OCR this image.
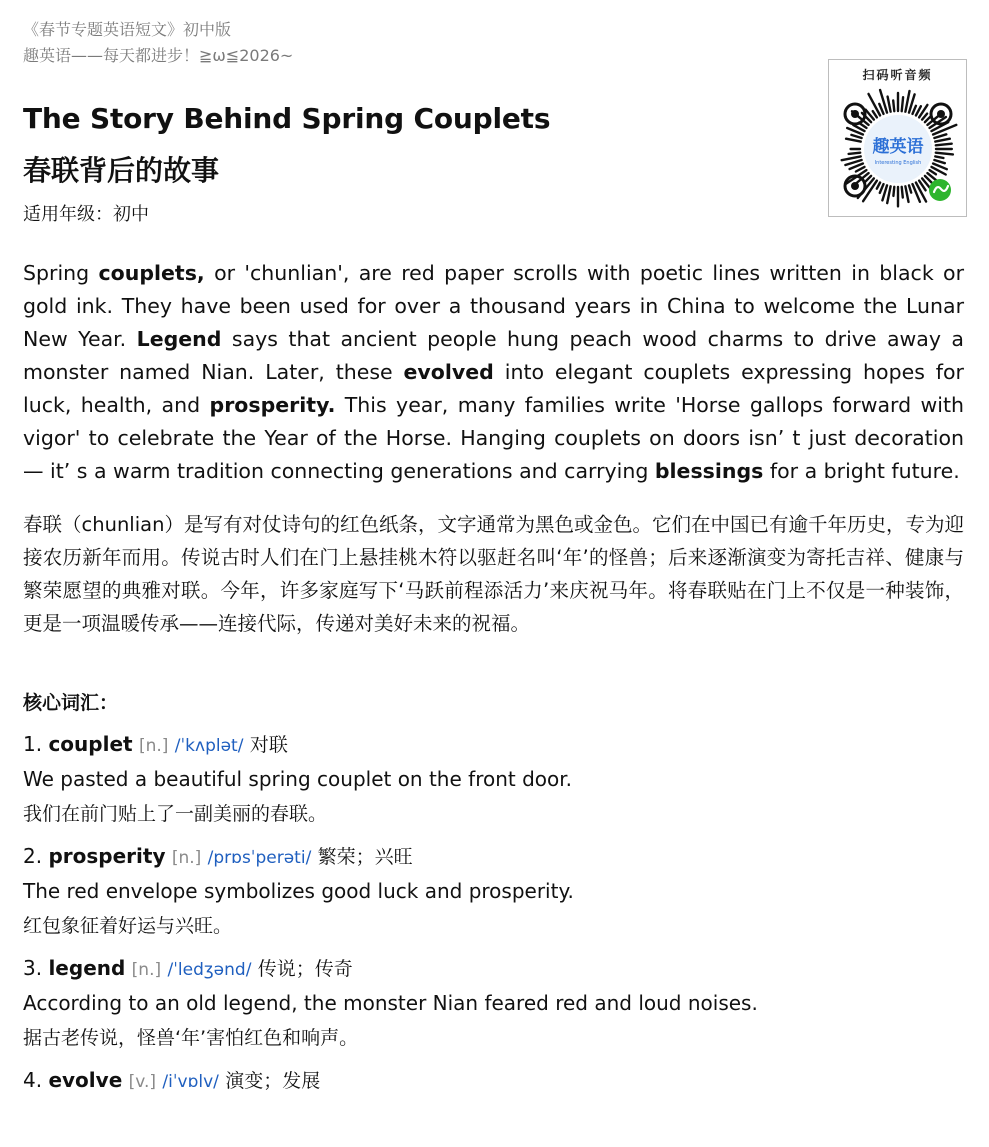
《春节专题英语短文》初中版
趣英语——每天都进步！≧ω≦2026~
The Story Behind Spring Couplets
春联背后的故事
适用年级：初中
Spring couplets, or 'chunlian', are red paper scrolls with poetic lines written in black or gold ink. They have been used for over a thousand years in China to welcome the Lunar New Year. Legend says that ancient people hung peach wood charms to drive away a monster named Nian. Later, these evolved into elegant couplets expressing hopes for luck, health, and prosperity. This year, many families write 'Horse gallops forward with vigor' to celebrate the Year of the Horse. Hanging couplets on doors isn’ t just decoration — it’ s a warm tradition connecting generations and carrying blessings for a bright future.
春联（chunlian）是写有对仗诗句的红色纸条，文字通常为黑色或金色。它们在中国已有逾千年历史，专为迎接农历新年而用。传说古时人们在门上悬挂桃木符以驱赶名叫‘年’的怪兽；后来逐渐演变为寄托吉祥、健康与繁荣愿望的典雅对联。今年，许多家庭写下‘马跃前程添活力’来庆祝马年。将春联贴在门上不仅是一种装饰，更是一项温暖传承——连接代际，传递对美好未来的祝福。
核心词汇：
1. couplet [n.] /ˈkʌplət/ 对联
We pasted a beautiful spring couplet on the front door.
我们在前门贴上了一副美丽的春联。
2. prosperity [n.] /prɒsˈperəti/ 繁荣；兴旺
The red envelope symbolizes good luck and prosperity.
红包象征着好运与兴旺。
3. legend [n.] /ˈledʒənd/ 传说；传奇
According to an old legend, the monster Nian feared red and loud noises.
据古老传说，怪兽‘年’害怕红色和响声。
4. evolve [v.] /iˈvɒlv/ 演变；发展
扫码听音频
趣英语
Interesting English
